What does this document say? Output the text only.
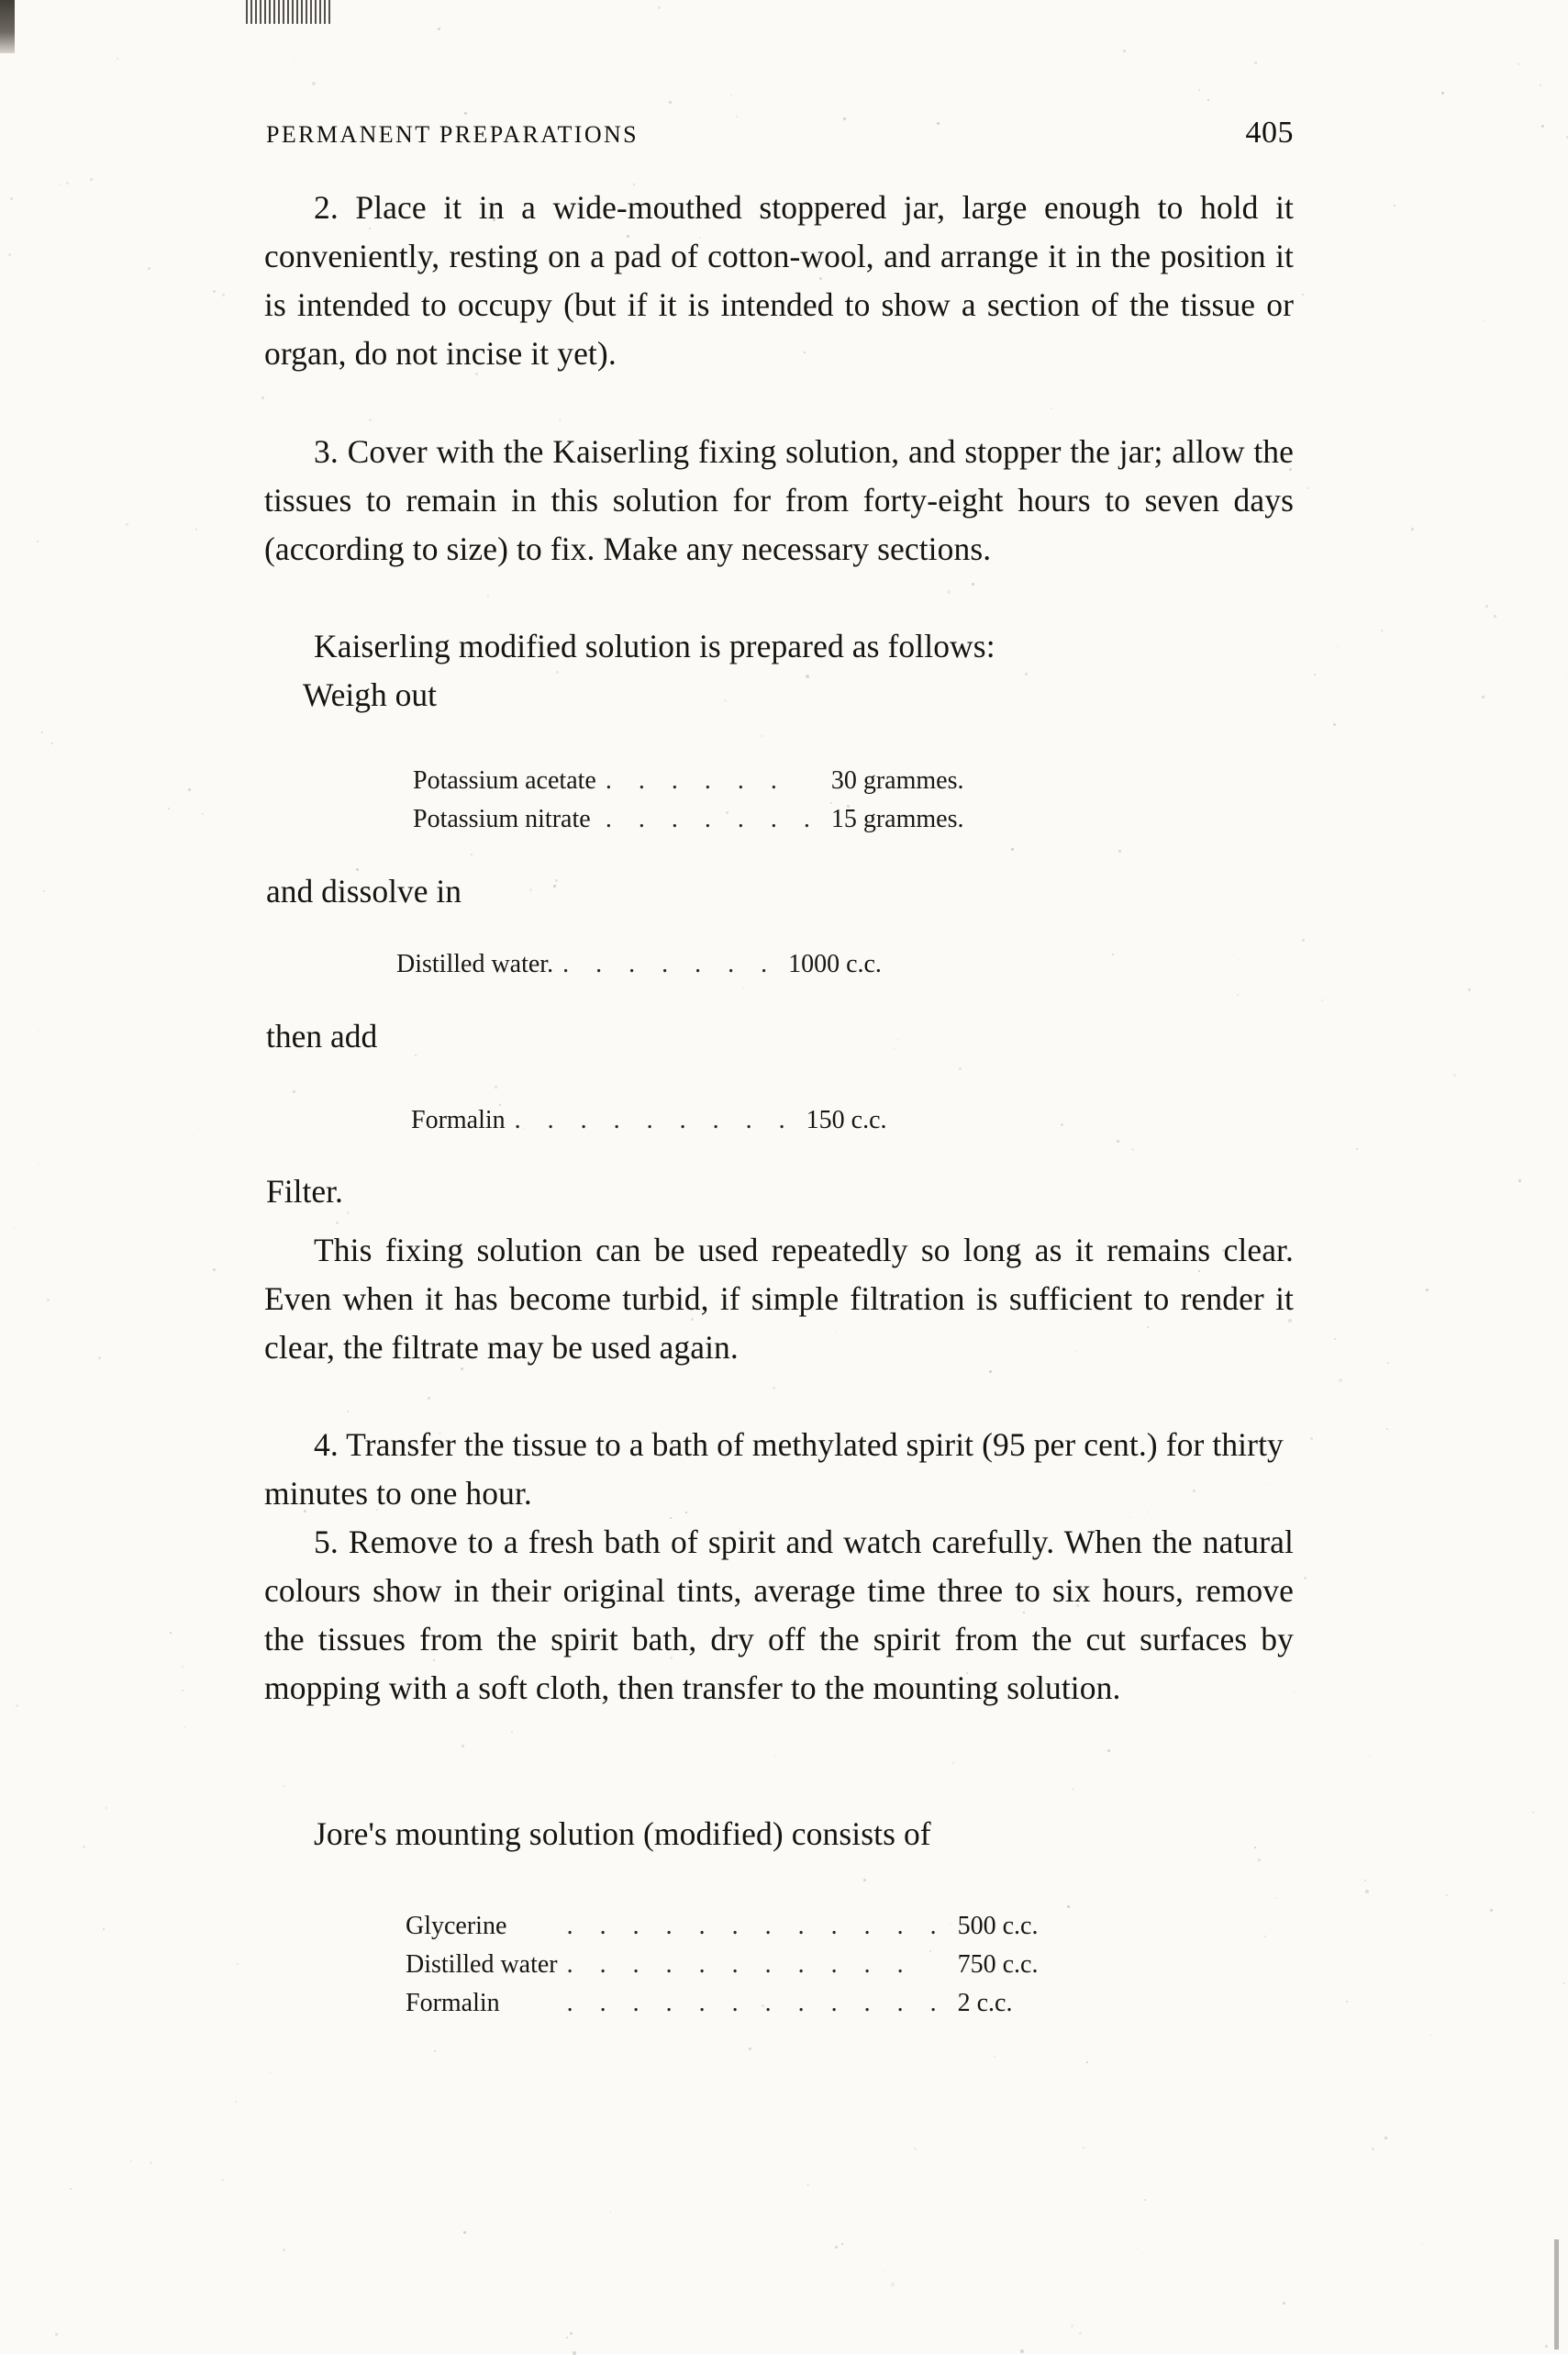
PERMANENT PREPARATIONS	405

2. Place it in a wide-mouthed stoppered jar, large enough to hold it conveniently, resting on a pad of cotton-wool, and arrange it in the position it is intended to occupy (but if it is intended to show a section of the tissue or organ, do not incise it yet).

3. Cover with the Kaiserling fixing solution, and stopper the jar; allow the tissues to remain in this solution for from forty-eight hours to seven days (according to size) to fix. Make any necessary sections.

Kaiserling modified solution is prepared as follows:

Weigh out

Potassium acetate	. . . . . .	30 grammes.
Potassium nitrate	. . . . . . .	15 grammes.

and dissolve in

Distilled water.	. . . . . . .	1000 c.c.

then add

Formalin	. . . . . . . . .	150 c.c.

Filter.

This fixing solution can be used repeatedly so long as it remains clear. Even when it has become turbid, if simple filtration is sufficient to render it clear, the filtrate may be used again.

4. Transfer the tissue to a bath of methylated spirit (95 per cent.) for thirty minutes to one hour.

5. Remove to a fresh bath of spirit and watch carefully. When the natural colours show in their original tints, average time three to six hours, remove the tissues from the spirit bath, dry off the spirit from the cut surfaces by mopping with a soft cloth, then transfer to the mounting solution.

Jore's mounting solution (modified) consists of

Glycerine	. . . . . . . . . . . .	500 c.c.
Distilled water	. . . . . . . . . . .	750 c.c.
Formalin	. . . . . . . . . . . .	2 c.c.
